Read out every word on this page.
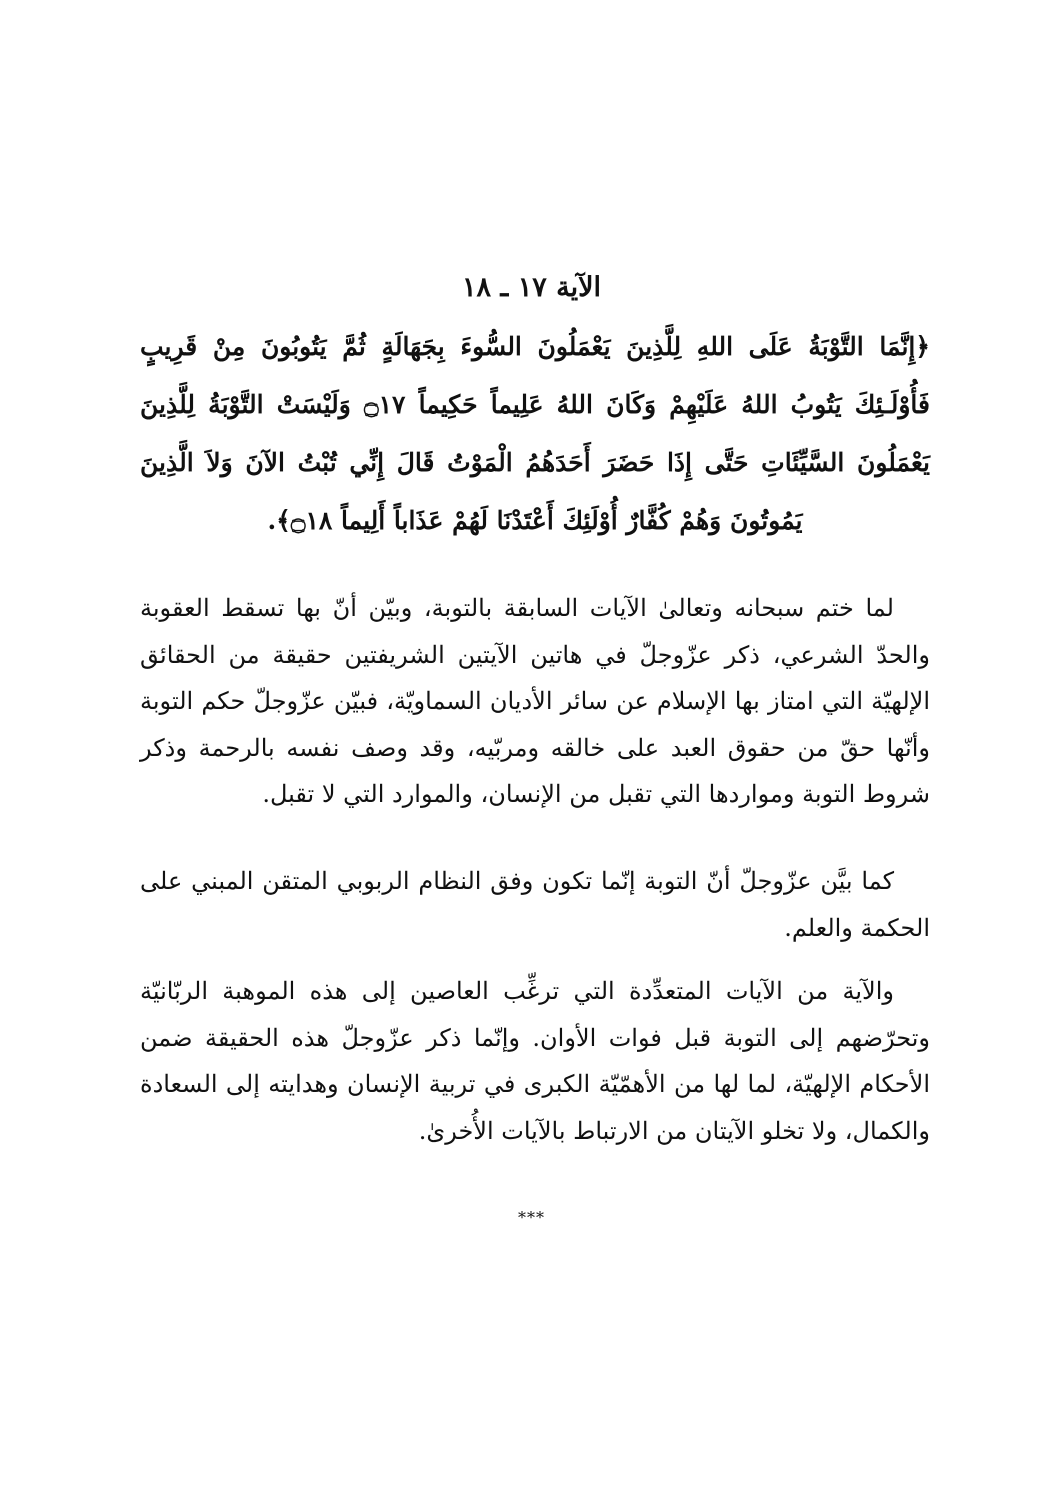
الآية ١٧ ـ ١٨
﴿إِنَّمَا التَّوْبَةُ عَلَى اللهِ لِلَّذِينَ يَعْمَلُونَ السُّوءَ بِجَهَالَةٍ ثُمَّ يَتُوبُونَ مِنْ قَرِيبٍ فَأُوْلَـئِكَ يَتُوبُ اللهُ عَلَيْهِمْ وَكَانَ اللهُ عَلِيماً حَكِيماً ۝١٧ وَلَيْسَتْ التَّوْبَةُ لِلَّذِينَ يَعْمَلُونَ السَّيِّئَاتِ حَتَّى إِذَا حَضَرَ أَحَدَهُمُ الْمَوْتُ قَالَ إِنِّي تُبْتُ الآنَ وَلاَ الَّذِينَ يَمُوتُونَ وَهُمْ كُفَّارٌ أُوْلَئِكَ أَعْتَدْنَا لَهُمْ عَذَاباً أَلِيماً ۝١٨﴾.
لما ختم سبحانه وتعالىٰ الآيات السابقة بالتوبة، وبيّن أنّ بها تسقط العقوبة والحدّ الشرعي، ذكر عزّوجلّ في هاتين الآيتين الشريفتين حقيقة من الحقائق الإلهيّة التي امتاز بها الإسلام عن سائر الأديان السماويّة، فبيّن عزّوجلّ حكم التوبة وأنّها حقّ من حقوق العبد على خالقه ومربّيه، وقد وصف نفسه بالرحمة وذكر شروط التوبة ومواردها التي تقبل من الإنسان، والموارد التي لا تقبل.
كما بيَّن عزّوجلّ أنّ التوبة إنّما تكون وفق النظام الربوبي المتقن المبني على الحكمة والعلم.
والآية من الآيات المتعدِّدة التي ترغِّب العاصين إلى هذه الموهبة الربّانيّة وتحرّضهم إلى التوبة قبل فوات الأوان. وإنّما ذكر عزّوجلّ هذه الحقيقة ضمن الأحكام الإلهيّة، لما لها من الأهمّيّة الكبرى في تربية الإنسان وهدايته إلى السعادة والكمال، ولا تخلو الآيتان من الارتباط بالآيات الأُخرىٰ.
***
